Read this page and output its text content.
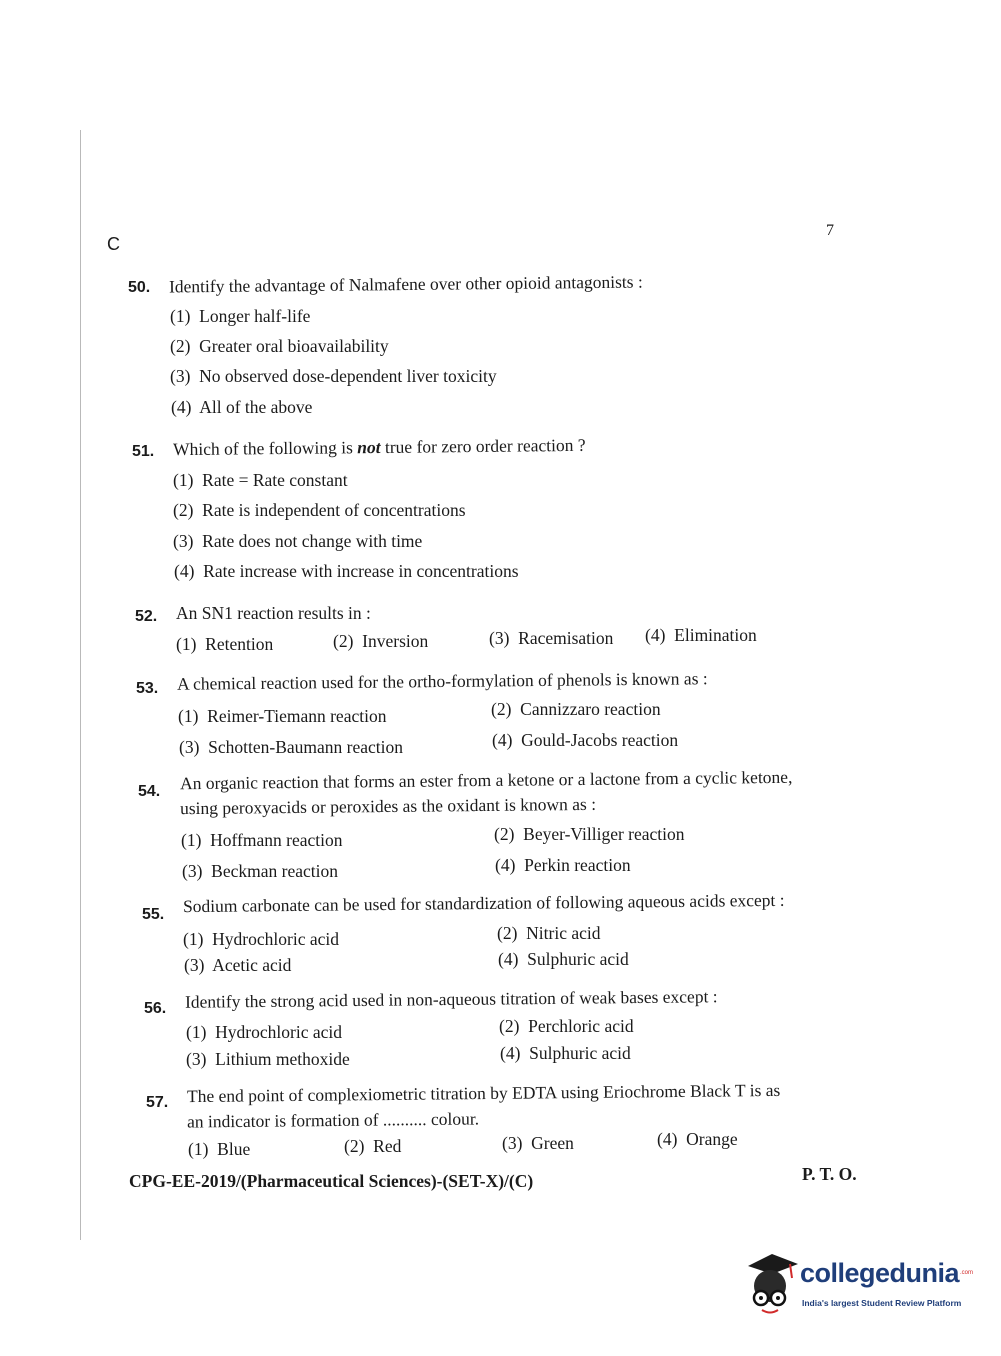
C
7
50. Identify the advantage of Nalmafene over other opioid antagonists :
(1) Longer half-life
(2) Greater oral bioavailability
(3) No observed dose-dependent liver toxicity
(4) All of the above
51. Which of the following is not true for zero order reaction ?
(1) Rate = Rate constant
(2) Rate is independent of concentrations
(3) Rate does not change with time
(4) Rate increase with increase in concentrations
52. An SN1 reaction results in :
(1) Retention	(2) Inversion	(3) Racemisation (4) Elimination
53. A chemical reaction used for the ortho-formylation of phenols is known as :
(1) Reimer-Tiemann reaction	(2) Cannizzaro reaction
(3) Schotten-Baumann reaction	(4) Gould-Jacobs reaction
54. An organic reaction that forms an ester from a ketone or a lactone from a cyclic ketone,
using peroxyacids or peroxides as the oxidant is known as :
(1) Hoffmann reaction	(2) Beyer-Villiger reaction
(3) Beckman reaction	(4) Perkin reaction
55. Sodium carbonate can be used for standardization of following aqueous acids except :
(1) Hydrochloric acid	(2) Nitric acid
(3) Acetic acid	(4) Sulphuric acid
56. Identify the strong acid used in non-aqueous titration of weak bases except :
(1) Hydrochloric acid	(2) Perchloric acid
(3) Lithium methoxide	(4) Sulphuric acid
57. The end point of complexiometric titration by EDTA using Eriochrome Black T is as
an indicator is formation of .......... colour.
(1) Blue	(2) Red	(3) Green	(4) Orange
CPG-EE-2019/(Pharmaceutical Sciences)-(SET-X)/(C)	P. T. O.
collegedunia .com
India's largest Student Review Platform
